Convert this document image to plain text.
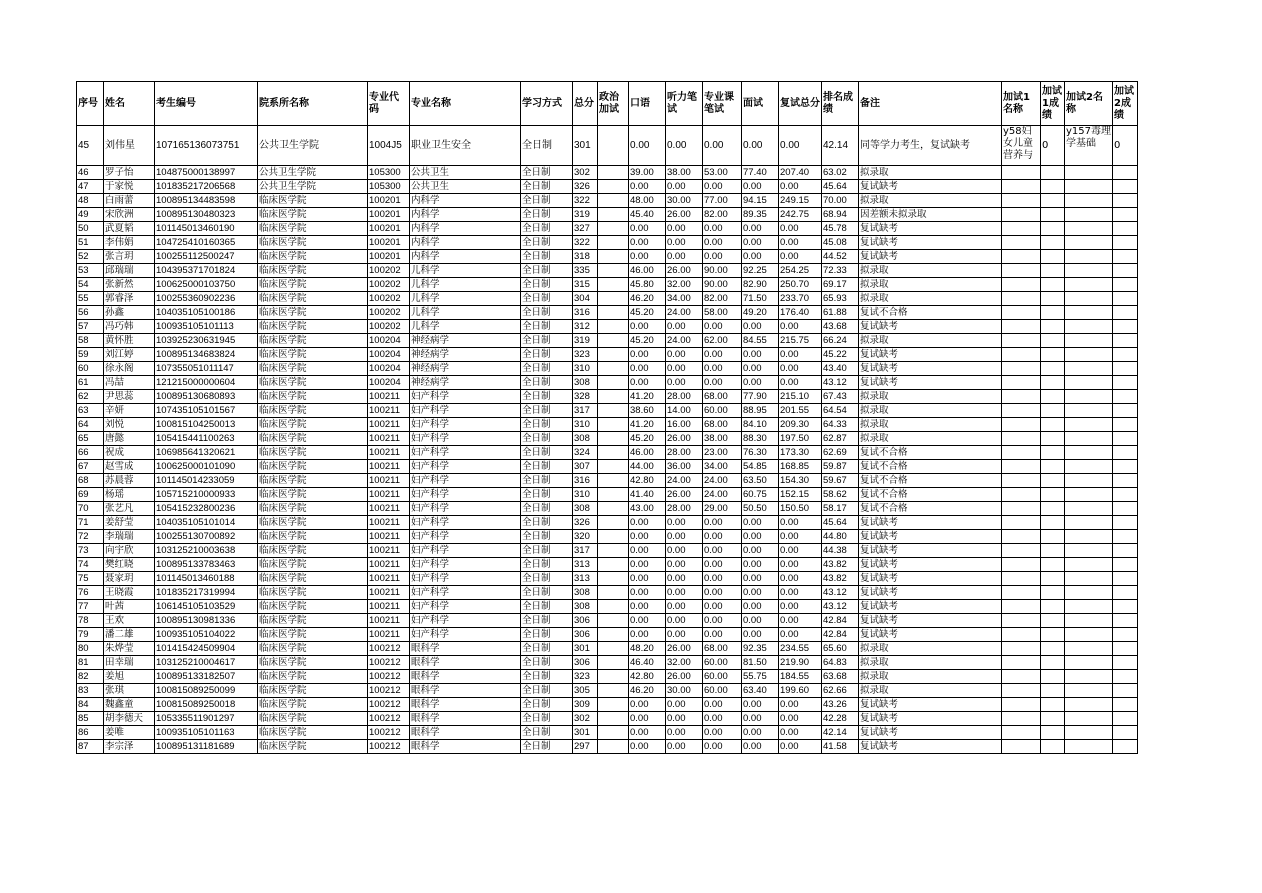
序号	姓名	考生编号	院系所名称	专业代码	专业名称	学习方式	总分	政治加试	口语	听力笔试	专业课笔试	面试	复试总分	排名成绩	备注	加试1名称	加试1成绩	加试2名称	加试2成绩
45	刘伟星	107165136073751	公共卫生学院	1004J5	职业卫生安全	全日制	301		0.00	0.00	0.00	0.00	0.00	42.14	同等学力考生，复试缺考	y58妇女儿童营养与	0	y157毒理学基础	0
46	罗子怡	104875000138997	公共卫生学院	105300	公共卫生	全日制	302		39.00	38.00	53.00	77.40	207.40	63.02	拟录取				
47	于家悦	101835217206568	公共卫生学院	105300	公共卫生	全日制	326		0.00	0.00	0.00	0.00	0.00	45.64	复试缺考				
48	白雨蕾	100895134483598	临床医学院	100201	内科学	全日制	322		48.00	30.00	77.00	94.15	249.15	70.00	拟录取				
49	宋欣洲	100895130480323	临床医学院	100201	内科学	全日制	319		45.40	26.00	82.00	89.35	242.75	68.94	因差额未拟录取				
50	武夏韬	101145013460190	临床医学院	100201	内科学	全日制	327		0.00	0.00	0.00	0.00	0.00	45.78	复试缺考				
51	李伟娟	104725410160365	临床医学院	100201	内科学	全日制	322		0.00	0.00	0.00	0.00	0.00	45.08	复试缺考				
52	张言玥	100255112500247	临床医学院	100201	内科学	全日制	318		0.00	0.00	0.00	0.00	0.00	44.52	复试缺考				
53	邱瑞瑞	104395371701824	临床医学院	100202	儿科学	全日制	335		46.00	26.00	90.00	92.25	254.25	72.33	拟录取				
54	张新然	100625000103750	临床医学院	100202	儿科学	全日制	315		45.80	32.00	90.00	82.90	250.70	69.17	拟录取				
55	郭睿泽	100255360902236	临床医学院	100202	儿科学	全日制	304		46.20	34.00	82.00	71.50	233.70	65.93	拟录取				
56	孙鑫	104035105100186	临床医学院	100202	儿科学	全日制	316		45.20	24.00	58.00	49.20	176.40	61.88	复试不合格				
57	冯巧韩	100935105101113	临床医学院	100202	儿科学	全日制	312		0.00	0.00	0.00	0.00	0.00	43.68	复试缺考				
58	黄怀胜	103925230631945	临床医学院	100204	神经病学	全日制	319		45.20	24.00	62.00	84.55	215.75	66.24	拟录取				
59	刘江婷	100895134683824	临床医学院	100204	神经病学	全日制	323		0.00	0.00	0.00	0.00	0.00	45.22	复试缺考				
60	徐永阁	107355051011147	临床医学院	100204	神经病学	全日制	310		0.00	0.00	0.00	0.00	0.00	43.40	复试缺考				
61	冯喆	121215000000604	临床医学院	100204	神经病学	全日制	308		0.00	0.00	0.00	0.00	0.00	43.12	复试缺考				
62	尹思蕊	100895130680893	临床医学院	100211	妇产科学	全日制	328		41.20	28.00	68.00	77.90	215.10	67.43	拟录取				
63	辛妍	107435105101567	临床医学院	100211	妇产科学	全日制	317		38.60	14.00	60.00	88.95	201.55	64.54	拟录取				
64	刘悦	100815104250013	临床医学院	100211	妇产科学	全日制	310		41.20	16.00	68.00	84.10	209.30	64.33	拟录取				
65	唐懿	105415441100263	临床医学院	100211	妇产科学	全日制	308		45.20	26.00	38.00	88.30	197.50	62.87	拟录取				
66	祝成	106985641320621	临床医学院	100211	妇产科学	全日制	324		46.00	28.00	23.00	76.30	173.30	62.69	复试不合格				
67	赵雪成	100625000101090	临床医学院	100211	妇产科学	全日制	307		44.00	36.00	34.00	54.85	168.85	59.87	复试不合格				
68	苏晨蓉	101145014233059	临床医学院	100211	妇产科学	全日制	316		42.80	24.00	24.00	63.50	154.30	59.67	复试不合格				
69	杨瑶	105715210000933	临床医学院	100211	妇产科学	全日制	310		41.40	26.00	24.00	60.75	152.15	58.62	复试不合格				
70	张艺凡	105415232800236	临床医学院	100211	妇产科学	全日制	308		43.00	28.00	29.00	50.50	150.50	58.17	复试不合格				
71	姜舒莹	104035105101014	临床医学院	100211	妇产科学	全日制	326		0.00	0.00	0.00	0.00	0.00	45.64	复试缺考				
72	李瑞瑞	100255130700892	临床医学院	100211	妇产科学	全日制	320		0.00	0.00	0.00	0.00	0.00	44.80	复试缺考				
73	向宇欣	103125210003638	临床医学院	100211	妇产科学	全日制	317		0.00	0.00	0.00	0.00	0.00	44.38	复试缺考				
74	樊红晓	100895133783463	临床医学院	100211	妇产科学	全日制	313		0.00	0.00	0.00	0.00	0.00	43.82	复试缺考				
75	聂家玥	101145013460188	临床医学院	100211	妇产科学	全日制	313		0.00	0.00	0.00	0.00	0.00	43.82	复试缺考				
76	王晓霞	101835217319994	临床医学院	100211	妇产科学	全日制	308		0.00	0.00	0.00	0.00	0.00	43.12	复试缺考				
77	叶茜	106145105103529	临床医学院	100211	妇产科学	全日制	308		0.00	0.00	0.00	0.00	0.00	43.12	复试缺考				
78	王欢	100895130981336	临床医学院	100211	妇产科学	全日制	306		0.00	0.00	0.00	0.00	0.00	42.84	复试缺考				
79	潘二雄	100935105104022	临床医学院	100211	妇产科学	全日制	306		0.00	0.00	0.00	0.00	0.00	42.84	复试缺考				
80	朱烨莹	101415424509904	临床医学院	100212	眼科学	全日制	301		48.20	26.00	68.00	92.35	234.55	65.60	拟录取				
81	田幸瑞	103125210004617	临床医学院	100212	眼科学	全日制	306		46.40	32.00	60.00	81.50	219.90	64.83	拟录取				
82	姜旭	100895133182507	临床医学院	100212	眼科学	全日制	323		42.80	26.00	60.00	55.75	184.55	63.68	拟录取				
83	张琪	100815089250099	临床医学院	100212	眼科学	全日制	305		46.20	30.00	60.00	63.40	199.60	62.66	拟录取				
84	魏鑫童	100815089250018	临床医学院	100212	眼科学	全日制	309		0.00	0.00	0.00	0.00	0.00	43.26	复试缺考				
85	胡李德天	105335511901297	临床医学院	100212	眼科学	全日制	302		0.00	0.00	0.00	0.00	0.00	42.28	复试缺考				
86	姜唯	100935105101163	临床医学院	100212	眼科学	全日制	301		0.00	0.00	0.00	0.00	0.00	42.14	复试缺考				
87	李宗泽	100895131181689	临床医学院	100212	眼科学	全日制	297		0.00	0.00	0.00	0.00	0.00	41.58	复试缺考				
